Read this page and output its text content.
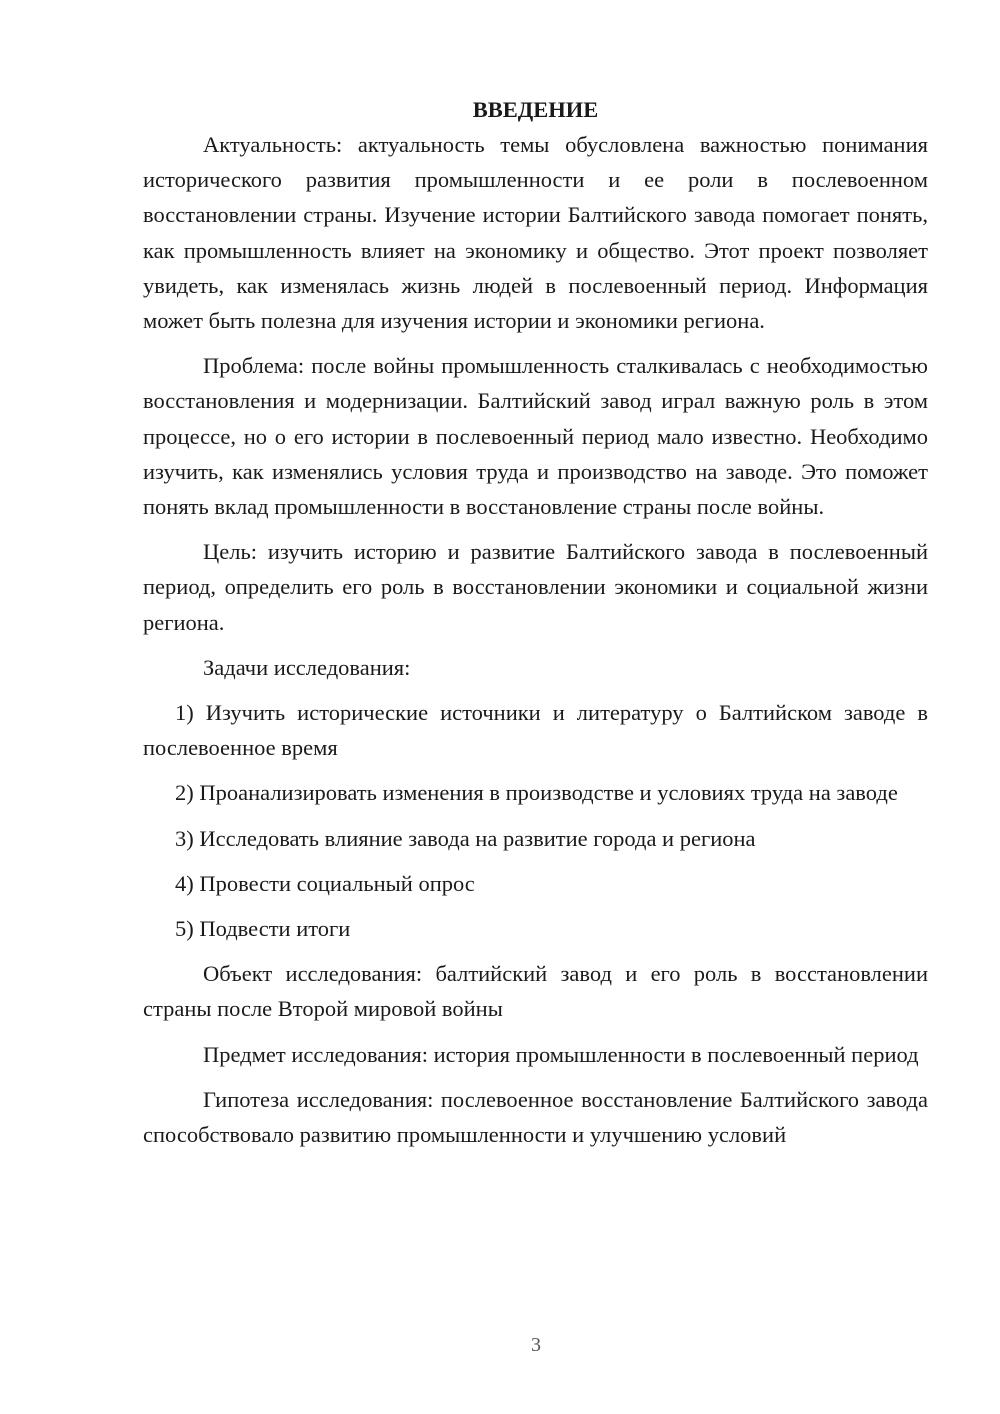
ВВЕДЕНИЕ

Актуальность: актуальность темы обусловлена важностью понимания исторического развития промышленности и ее роли в послевоенном восстановлении страны. Изучение истории Балтийского завода помогает понять, как промышленность влияет на экономику и общество. Этот проект позволяет увидеть, как изменялась жизнь людей в послевоенный период. Информация может быть полезна для изучения истории и экономики региона.

Проблема: после войны промышленность сталкивалась с необходимостью восстановления и модернизации. Балтийский завод играл важную роль в этом процессе, но о его истории в послевоенный период мало известно. Необходимо изучить, как изменялись условия труда и производство на заводе. Это поможет понять вклад промышленности в восстановление страны после войны.

Цель: изучить историю и развитие Балтийского завода в послевоенный период, определить его роль в восстановлении экономики и социальной жизни региона.

Задачи исследования:

1) Изучить исторические источники и литературу о Балтийском заводе в послевоенное время

2) Проанализировать изменения в производстве и условиях труда на заводе

3) Исследовать влияние завода на развитие города и региона

4) Провести социальный опрос

5) Подвести итоги

Объект исследования: балтийский завод и его роль в восстановлении страны после Второй мировой войны

Предмет исследования: история промышленности в послевоенный период

Гипотеза исследования: послевоенное восстановление Балтийского завода способствовало развитию промышленности и улучшению условий

3
